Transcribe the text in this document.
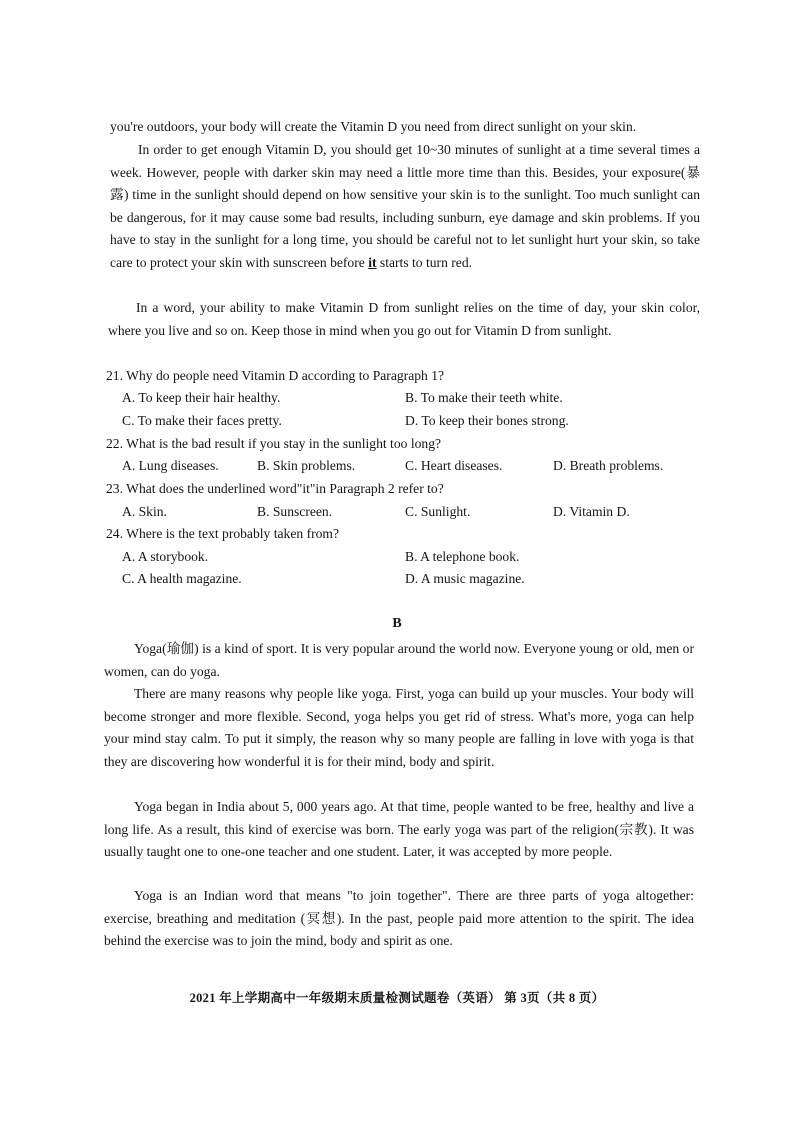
you're outdoors, your body will create the Vitamin D you need from direct sunlight on your skin.

In order to get enough Vitamin D, you should get 10~30 minutes of sunlight at a time several times a week. However, people with darker skin may need a little more time than this. Besides, your exposure(暴露) time in the sunlight should depend on how sensitive your skin is to the sunlight. Too much sunlight can be dangerous, for it may cause some bad results, including sunburn, eye damage and skin problems. If you have to stay in the sunlight for a long time, you should be careful not to let sunlight hurt your skin, so take care to protect your skin with sunscreen before it starts to turn red.

In a word, your ability to make Vitamin D from sunlight relies on the time of day, your skin color, where you live and so on. Keep those in mind when you go out for Vitamin D from sunlight.

21. Why do people need Vitamin D according to Paragraph 1?
A. To keep their hair healthy.	B. To make their teeth white.
C. To make their faces pretty.	D. To keep their bones strong.
22. What is the bad result if you stay in the sunlight too long?
A. Lung diseases.	B. Skin problems.	C. Heart diseases.	D. Breath problems.
23. What does the underlined word"it"in Paragraph 2 refer to?
A. Skin.	B. Sunscreen.	C. Sunlight.	D. Vitamin D.
24. Where is the text probably taken from?
A. A storybook.	B. A telephone book.
C. A health magazine.	D. A music magazine.
B

Yoga(瑜伽) is a kind of sport. It is very popular around the world now. Everyone young or old, men or women, can do yoga.

There are many reasons why people like yoga. First, yoga can build up your muscles. Your body will become stronger and more flexible. Second, yoga helps you get rid of stress. What's more, yoga can help your mind stay calm. To put it simply, the reason why so many people are falling in love with yoga is that they are discovering how wonderful it is for their mind, body and spirit.

Yoga began in India about 5, 000 years ago. At that time, people wanted to be free, healthy and live a long life. As a result, this kind of exercise was born. The early yoga was part of the religion(宗教). It was usually taught one to one-one teacher and one student. Later, it was accepted by more people.

Yoga is an Indian word that means "to join together". There are three parts of yoga altogether: exercise, breathing and meditation (冥想). In the past, people paid more attention to the spirit. The idea behind the exercise was to join the mind, body and spirit as one.

2021 年上学期高中一年级期末质量检测试题卷（英语） 第 3页（共 8 页）
